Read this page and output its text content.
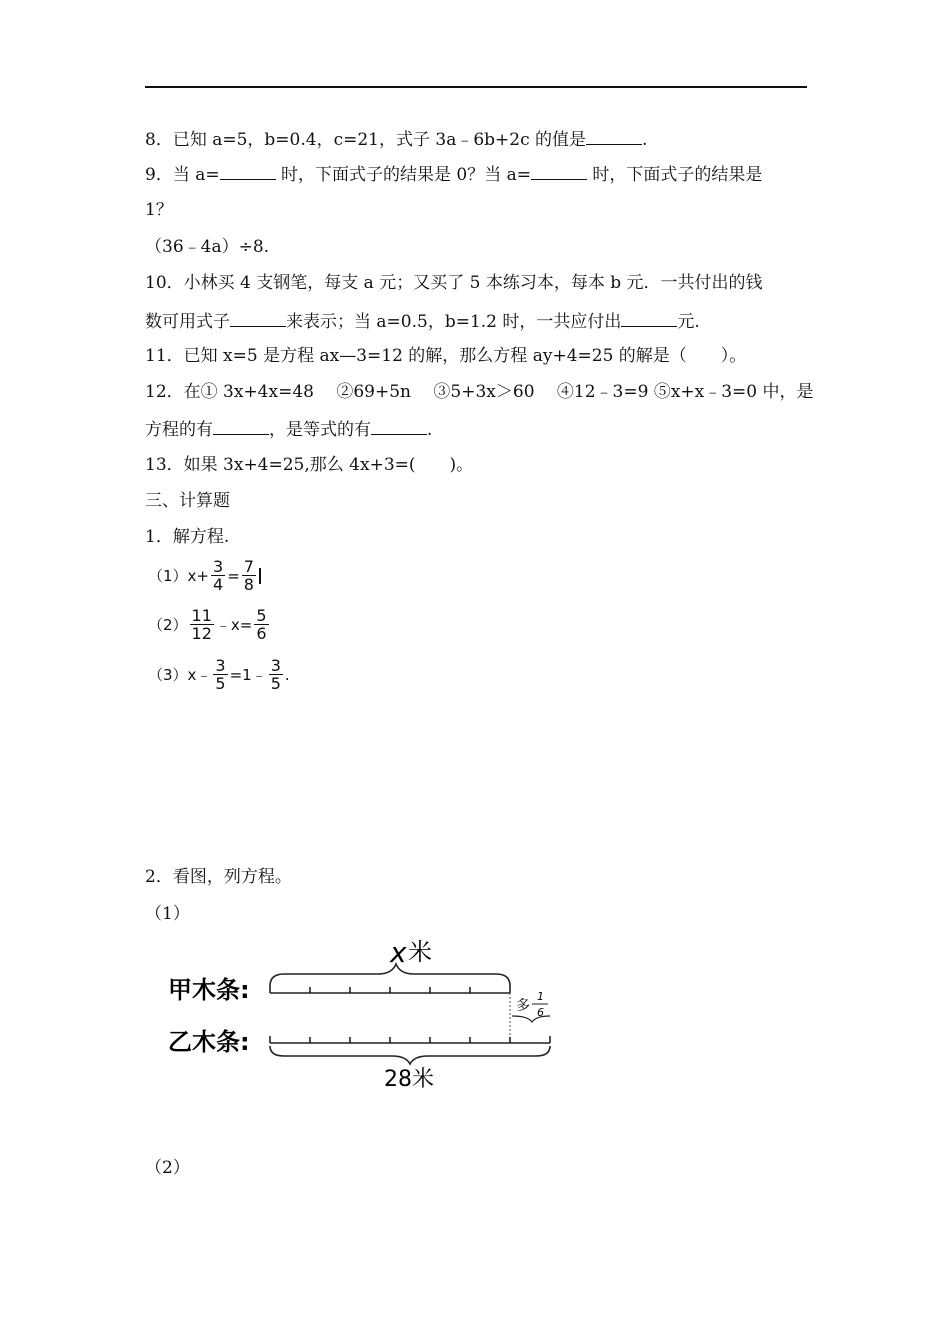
8．已知 a=5，b=0.4，c=21，式子 3a﹣6b+2c 的值是	.
9．当 a=	时，下面式子的结果是 0？当 a=	时，下面式子的结果是
1？
（36﹣4a）÷8.
10．小林买 4 支钢笔，每支 a 元；又买了 5 本练习本，每本 b 元．一共付出的钱
数可用式子	来表示；当 a=0.5，b=1.2 时，一共应付出	元.
11．已知 x=5 是方程 ax—3=12 的解，那么方程 ay+4=25 的解是（　　）。
12．在① 3x+4x=48　 ②69+5n　 ③5+3x＞60　 ④12﹣3=9 ⑤x+x﹣3=0 中，是
方程的有	，是等式的有	.
13．如果 3x+4=25,那么 4x+3=(　　)。
三、计算题
1．解方程.
$(1)x+ \frac{3}{4} = \frac{7}{8}$
$(2) \frac{11}{12}$ ﹣x= $\frac{5}{6}$
（3）x﹣ $\frac{3}{5}$ =1﹣ $\frac{3}{5}$ .
2．看图，列方程。
（1）
x 米
甲木条:
乙木条:
多
1
6
28米
（2）
